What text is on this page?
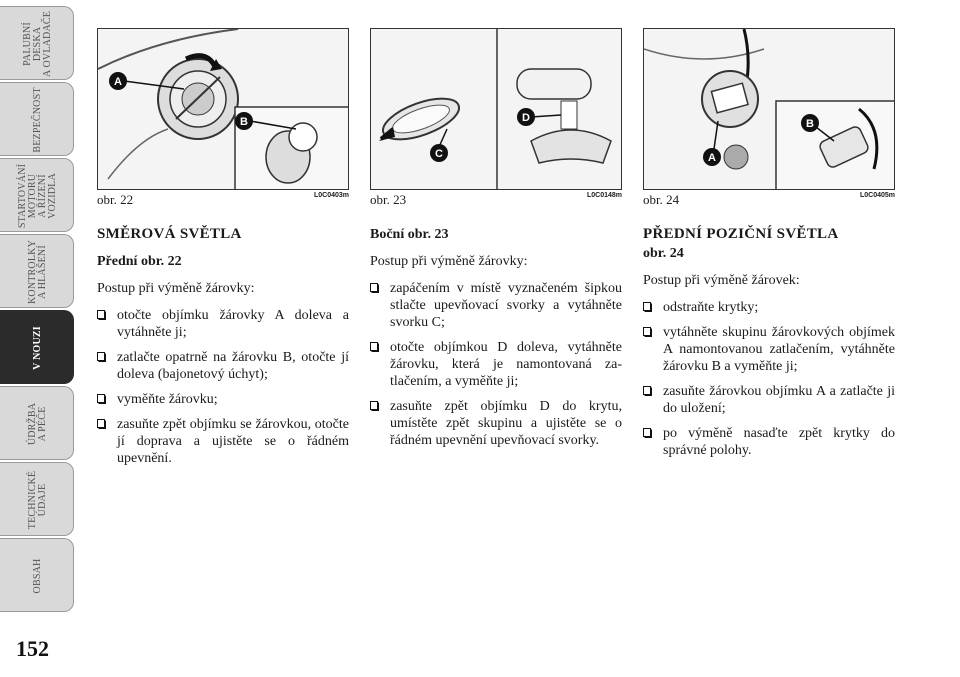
PALUBNÍ
DESKA
A OVLADAČE
BEZPEČNOST
STARTOVÁNÍ
MOTORU
A ŘÍZENÍ
VOZIDLA
KONTROLKY
A HLÁŠENÍ
V NOUZI
ÚDRŽBA
A PÉČE
TECHNICKÉ
ÚDAJE
OBSAH
152
A
B
obr. 22	L0C0403m
C
D
obr. 23	L0C0148m
A
B
obr. 24	L0C0405m
SMĚROVÁ SVĚTLA
Přední obr. 22

Postup při výměně žárovky:

otočte objímku žárovky A doleva a vytáhněte ji;
zatlačte opatrně na žárovku B, otočte jí doleva (bajonetový úchyt);
vyměňte žárovku;
zasuňte zpět objímku se žárovkou, otočte jí doprava a ujistěte se o řádném upevnění.
Boční obr. 23

Postup při výměně žárovky:

zapáčením v místě vyznačeném šipkou stlačte upevňovací svorky a vytáhněte svorku C;
otočte objímkou D doleva, vytáhněte žárovku, která je namontovaná zatlačením, a vyměňte ji;
zasuňte zpět objímku D do krytu, umístěte zpět skupinu a ujistěte se o řádném upevnění upevňovací svorky.
PŘEDNÍ POZIČNÍ SVĚTLA
obr. 24

Postup při výměně žárovek:

odstraňte krytky;
vytáhněte skupinu žárovkových objímek A namontovanou zatlačením, vytáhněte žárovku B a vyměňte ji;
zasuňte žárovkou objímku A a zatlačte ji do uložení;
po výměně nasaďte zpět krytky do správné polohy.
